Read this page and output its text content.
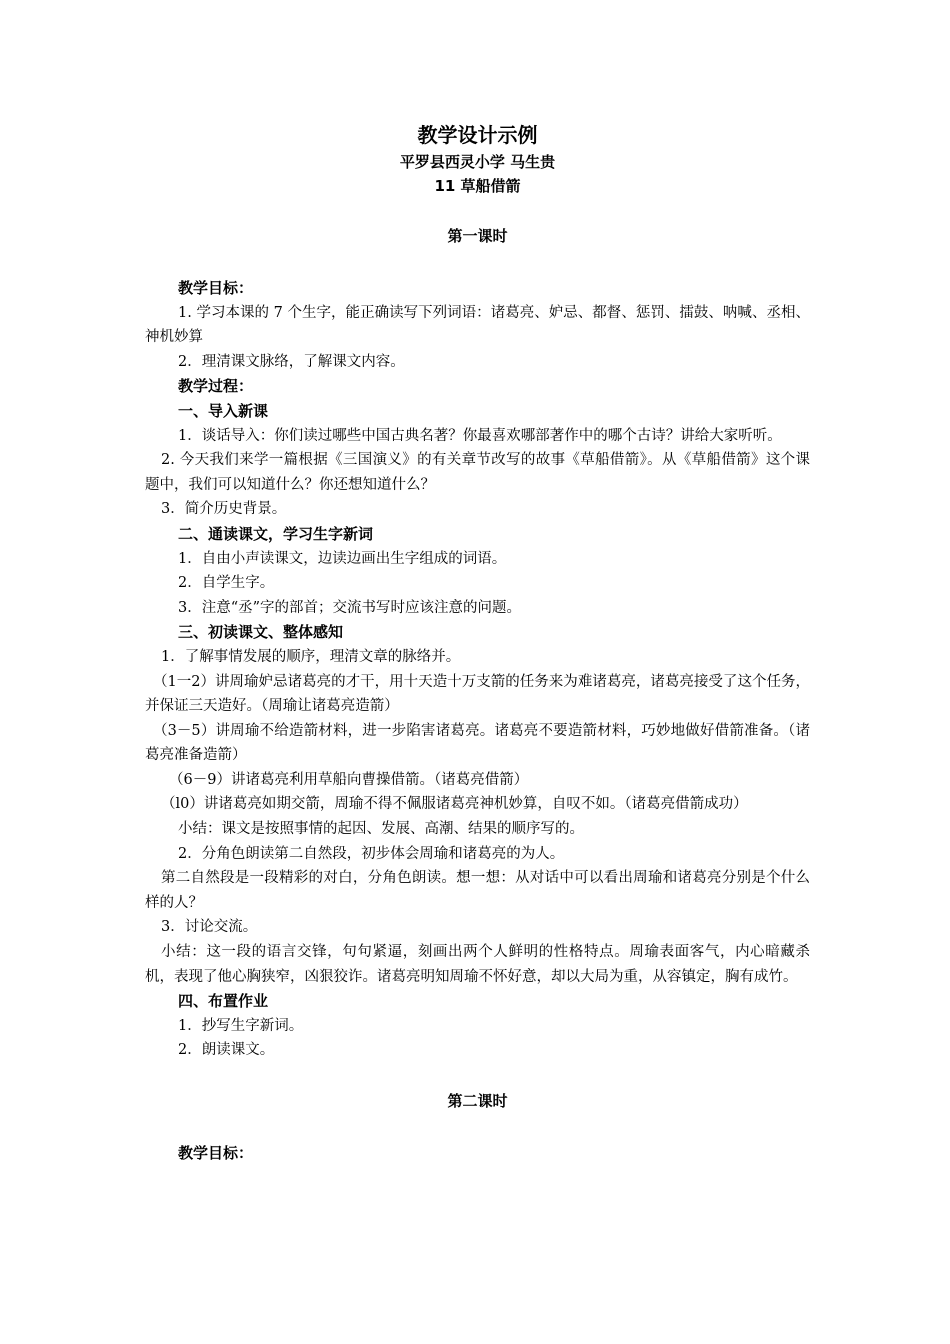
教学设计示例
平罗县西灵小学 马生贵
11 草船借箭
第一课时
教学目标：
1. 学习本课的 7 个生字，能正确读写下列词语：诸葛亮、妒忌、都督、惩罚、擂鼓、呐喊、丞相、神机妙算
2．理清课文脉络，了解课文内容。
教学过程：
一、导入新课
1．谈话导入：你们读过哪些中国古典名著？你最喜欢哪部著作中的哪个古诗？讲给大家听听。
2. 今天我们来学一篇根据《三国演义》的有关章节改写的故事《草船借箭》。从《草船借箭》这个课题中，我们可以知道什么？你还想知道什么？
3．简介历史背景。
二、通读课文，学习生字新词
1．自由小声读课文，边读边画出生字组成的词语。
2．自学生字。
3．注意“丞”字的部首；交流书写时应该注意的问题。
三、初读课文、整体感知
1．了解事情发展的顺序，理清文章的脉络并。
（1一2）讲周瑜妒忌诸葛亮的才干，用十天造十万支箭的任务来为难诸葛亮，诸葛亮接受了这个任务，并保证三天造好。（周瑜让诸葛亮造箭）
（3－5）讲周瑜不给造箭材料，进一步陷害诸葛亮。诸葛亮不要造箭材料，巧妙地做好借箭准备。（诸葛亮准备造箭）
（6－9）讲诸葛亮利用草船向曹操借箭。（诸葛亮借箭）
（l0）讲诸葛亮如期交箭，周瑜不得不佩服诸葛亮神机妙算，自叹不如。（诸葛亮借箭成功）
小结：课文是按照事情的起因、发展、高潮、结果的顺序写的。
2．分角色朗读第二自然段，初步体会周瑜和诸葛亮的为人。
第二自然段是一段精彩的对白，分角色朗读。想一想：从对话中可以看出周瑜和诸葛亮分别是个什么样的人？
3．讨论交流。
小结：这一段的语言交锋，句句紧逼，刻画出两个人鲜明的性格特点。周瑜表面客气，内心暗藏杀机，表现了他心胸狭窄，凶狠狡诈。诸葛亮明知周瑜不怀好意，却以大局为重，从容镇定，胸有成竹。
四、布置作业
1．抄写生字新词。
2．朗读课文。
第二课时
教学目标：
